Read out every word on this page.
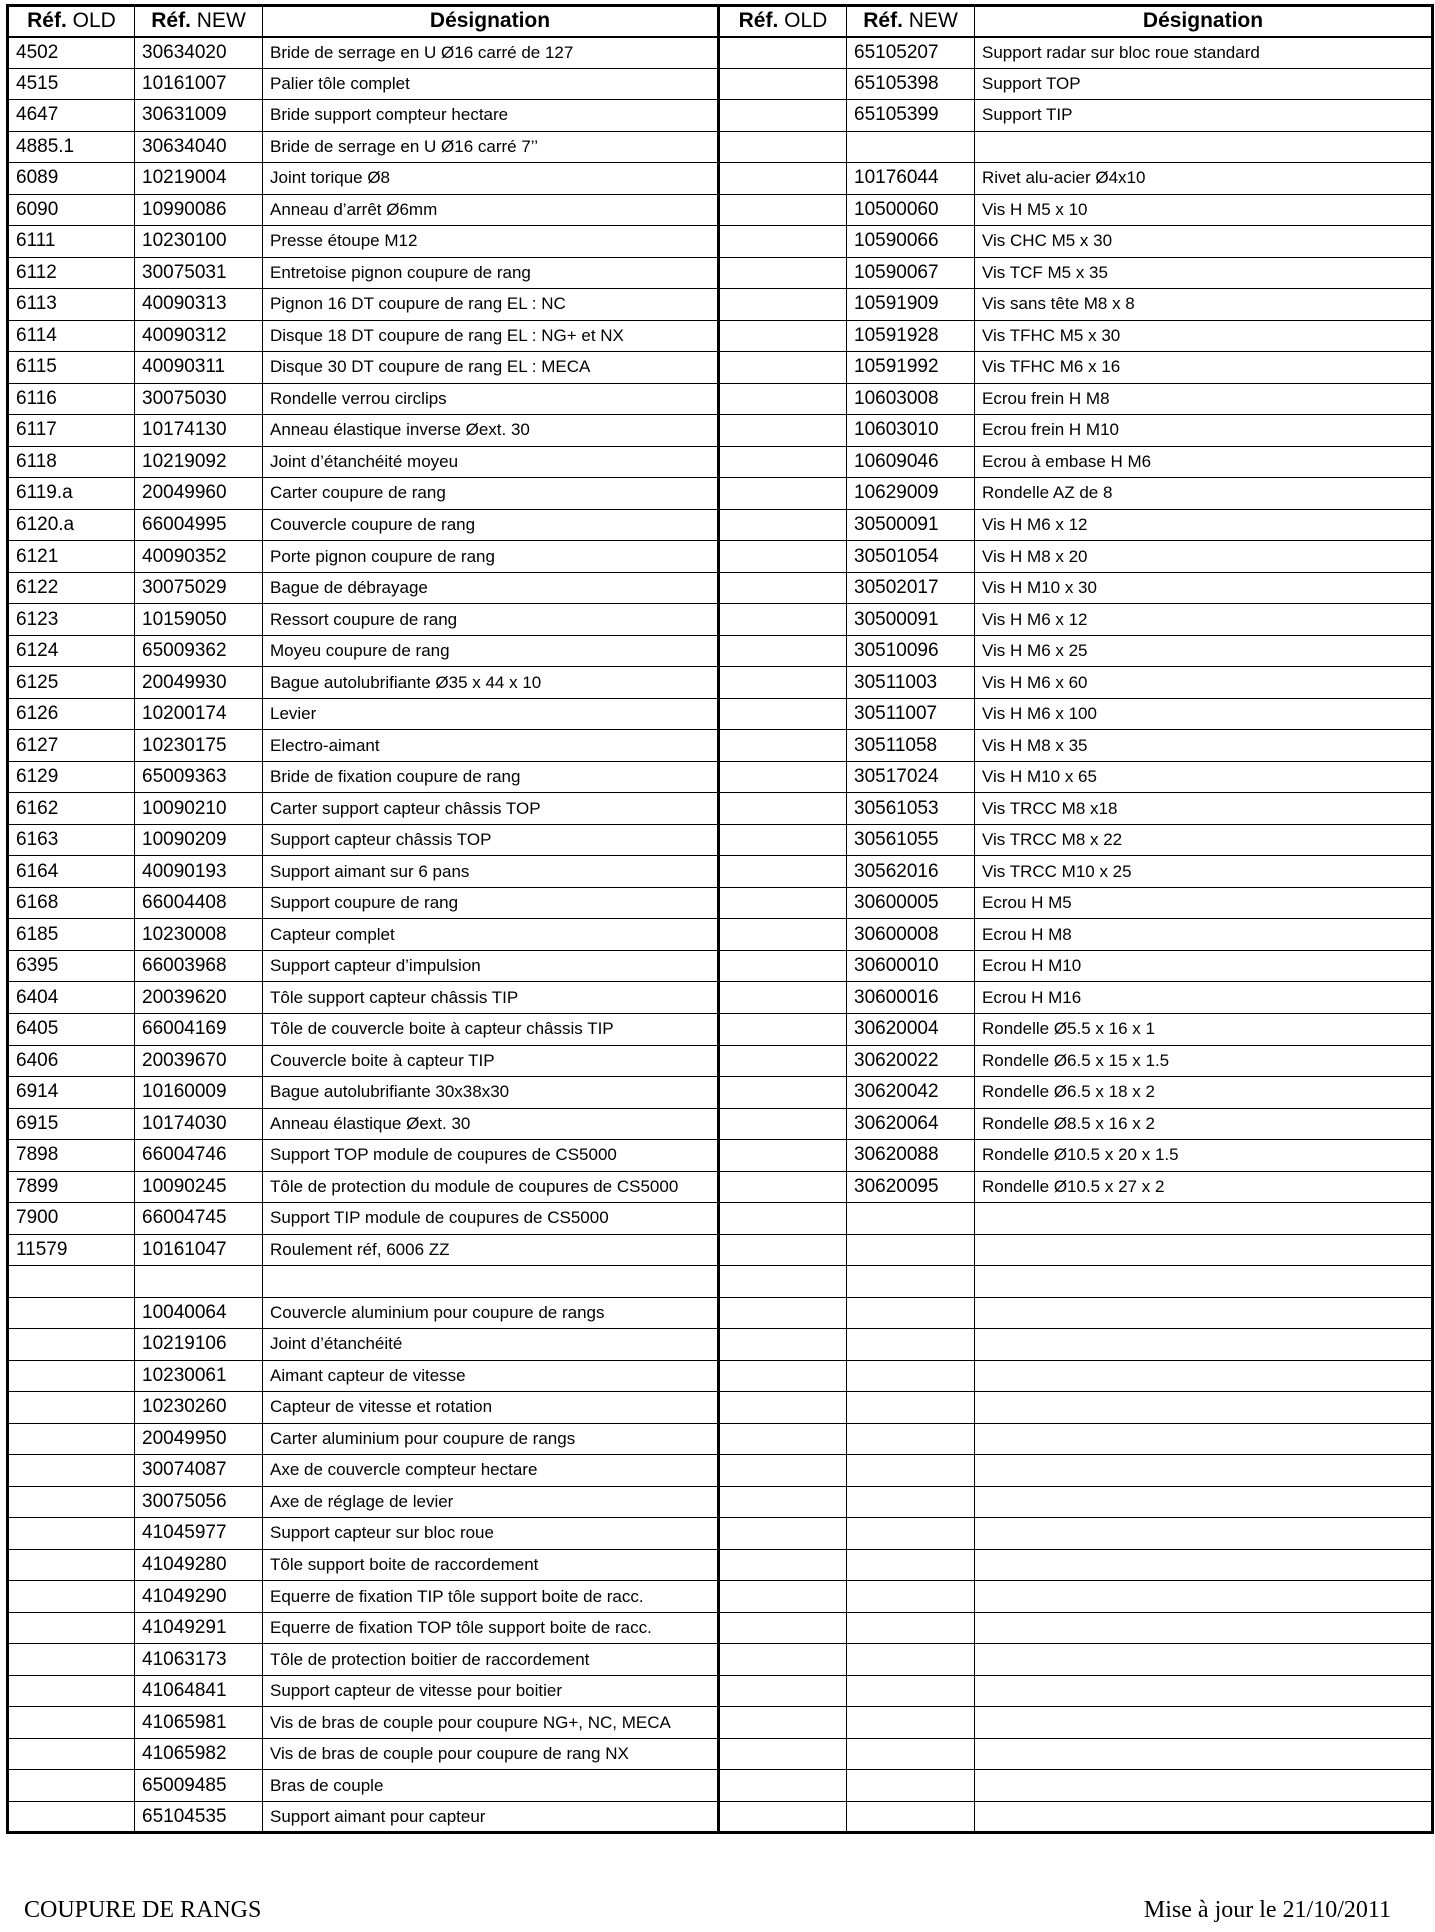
Réf. OLD	Réf. NEW	Désignation	Réf. OLD	Réf. NEW	Désignation
4502	30634020	Bride de serrage en U Ø16 carré de 127		65105207	Support radar sur bloc roue standard
4515	10161007	Palier tôle complet		65105398	Support TOP
4647	30631009	Bride support compteur hectare		65105399	Support TIP
4885.1	30634040	Bride de serrage en U Ø16 carré 7’’			
6089	10219004	Joint torique Ø8		10176044	Rivet alu-acier Ø4x10
6090	10990086	Anneau d’arrêt Ø6mm		10500060	Vis H M5 x 10
6111	10230100	Presse étoupe M12		10590066	Vis CHC M5 x 30
6112	30075031	Entretoise pignon coupure de rang		10590067	Vis TCF M5 x 35
6113	40090313	Pignon 16 DT coupure de rang EL : NC		10591909	Vis sans tête M8 x 8
6114	40090312	Disque 18 DT coupure de rang EL : NG+ et NX		10591928	Vis TFHC M5 x 30
6115	40090311	Disque 30 DT coupure de rang EL : MECA		10591992	Vis TFHC M6 x 16
6116	30075030	Rondelle verrou circlips		10603008	Ecrou frein H M8
6117	10174130	Anneau élastique inverse Øext. 30		10603010	Ecrou frein H M10
6118	10219092	Joint d’étanchéité moyeu		10609046	Ecrou à embase H M6
6119.a	20049960	Carter coupure de rang		10629009	Rondelle AZ de 8
6120.a	66004995	Couvercle coupure de rang		30500091	Vis H M6 x 12
6121	40090352	Porte pignon coupure de rang		30501054	Vis H M8 x 20
6122	30075029	Bague de débrayage		30502017	Vis H M10 x 30
6123	10159050	Ressort coupure de rang		30500091	Vis H M6 x 12
6124	65009362	Moyeu coupure de rang		30510096	Vis H M6 x 25
6125	20049930	Bague autolubrifiante Ø35 x 44 x 10		30511003	Vis H M6 x 60
6126	10200174	Levier		30511007	Vis H M6 x 100
6127	10230175	Electro-aimant		30511058	Vis H M8 x 35
6129	65009363	Bride de fixation coupure de rang		30517024	Vis H M10 x 65
6162	10090210	Carter support capteur châssis TOP		30561053	Vis TRCC M8 x18
6163	10090209	Support capteur châssis TOP		30561055	Vis TRCC M8 x 22
6164	40090193	Support aimant sur 6 pans		30562016	Vis TRCC M10 x 25
6168	66004408	Support coupure de rang		30600005	Ecrou H M5
6185	10230008	Capteur complet		30600008	Ecrou H M8
6395	66003968	Support capteur d’impulsion		30600010	Ecrou H M10
6404	20039620	Tôle support capteur châssis TIP		30600016	Ecrou H M16
6405	66004169	Tôle de couvercle boite à capteur châssis TIP		30620004	Rondelle Ø5.5 x 16 x 1
6406	20039670	Couvercle boite à capteur TIP		30620022	Rondelle Ø6.5 x 15 x 1.5
6914	10160009	Bague autolubrifiante 30x38x30		30620042	Rondelle Ø6.5 x 18 x 2
6915	10174030	Anneau élastique Øext. 30		30620064	Rondelle Ø8.5 x 16 x 2
7898	66004746	Support TOP module de coupures de CS5000		30620088	Rondelle Ø10.5 x 20 x 1.5
7899	10090245	Tôle de protection du module de coupures de CS5000		30620095	Rondelle Ø10.5 x 27 x 2
7900	66004745	Support TIP module de coupures de CS5000			
11579	10161047	Roulement réf, 6006 ZZ			

	10040064	Couvercle aluminium pour coupure de rangs			
	10219106	Joint d’étanchéité			
	10230061	Aimant capteur de vitesse			
	10230260	Capteur de vitesse et rotation			
	20049950	Carter aluminium pour coupure de rangs			
	30074087	Axe de couvercle compteur hectare			
	30075056	Axe de réglage de levier			
	41045977	Support capteur sur bloc roue			
	41049280	Tôle support boite de raccordement			
	41049290	Equerre de fixation TIP tôle support boite de racc.			
	41049291	Equerre de fixation TOP tôle support boite de racc.			
	41063173	Tôle de protection boitier de raccordement			
	41064841	Support capteur de vitesse pour boitier			
	41065981	Vis de bras de couple pour coupure NG+, NC, MECA			
	41065982	Vis de bras de couple pour coupure de rang NX			
	65009485	Bras de couple			
	65104535	Support aimant pour capteur			
COUPURE DE RANGS	Mise à jour le 21/10/2011
